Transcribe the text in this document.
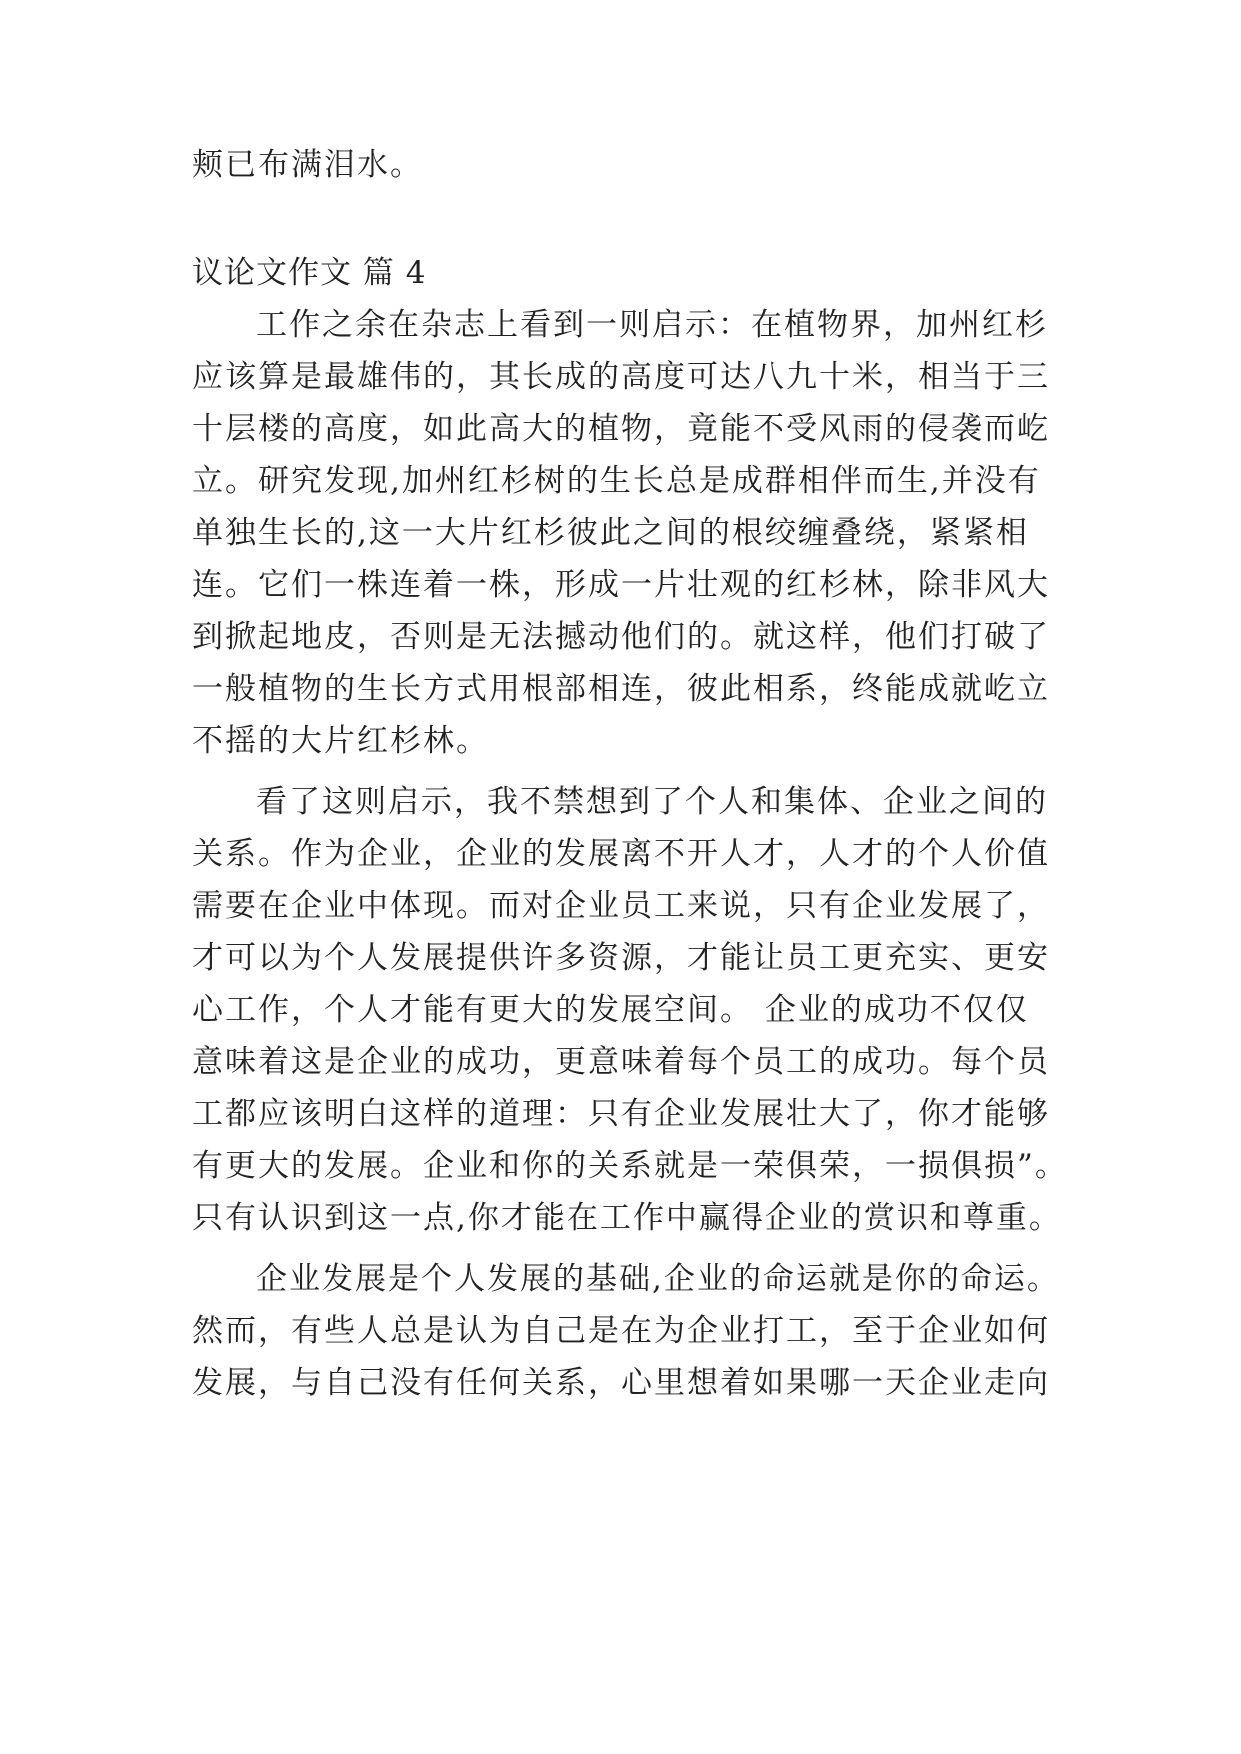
颊已布满泪水。
议论文作文 篇 4
工作之余在杂志上看到一则启示：在植物界，加州红杉
应该算是最雄伟的，其长成的高度可达八九十米，相当于三
十层楼的高度，如此高大的植物，竟能不受风雨的侵袭而屹
立。研究发现,加州红杉树的生长总是成群相伴而生,并没有
单独生长的,这一大片红杉彼此之间的根绞缠叠绕，紧紧相
连。它们一株连着一株，形成一片壮观的红杉林，除非风大
到掀起地皮，否则是无法撼动他们的。就这样，他们打破了
一般植物的生长方式用根部相连，彼此相系，终能成就屹立
不摇的大片红杉林。
看了这则启示，我不禁想到了个人和集体、企业之间的
关系。作为企业，企业的发展离不开人才，人才的个人价值
需要在企业中体现。而对企业员工来说，只有企业发展了，
才可以为个人发展提供许多资源，才能让员工更充实、更安
心工作，个人才能有更大的发展空间。 企业的成功不仅仅
意味着这是企业的成功，更意味着每个员工的成功。每个员
工都应该明白这样的道理：只有企业发展壮大了，你才能够
有更大的发展。企业和你的关系就是一荣俱荣，一损俱损”。
只有认识到这一点,你才能在工作中赢得企业的赏识和尊重。
企业发展是个人发展的基础,企业的命运就是你的命运。
然而，有些人总是认为自己是在为企业打工，至于企业如何
发展，与自己没有任何关系，心里想着如果哪一天企业走向
